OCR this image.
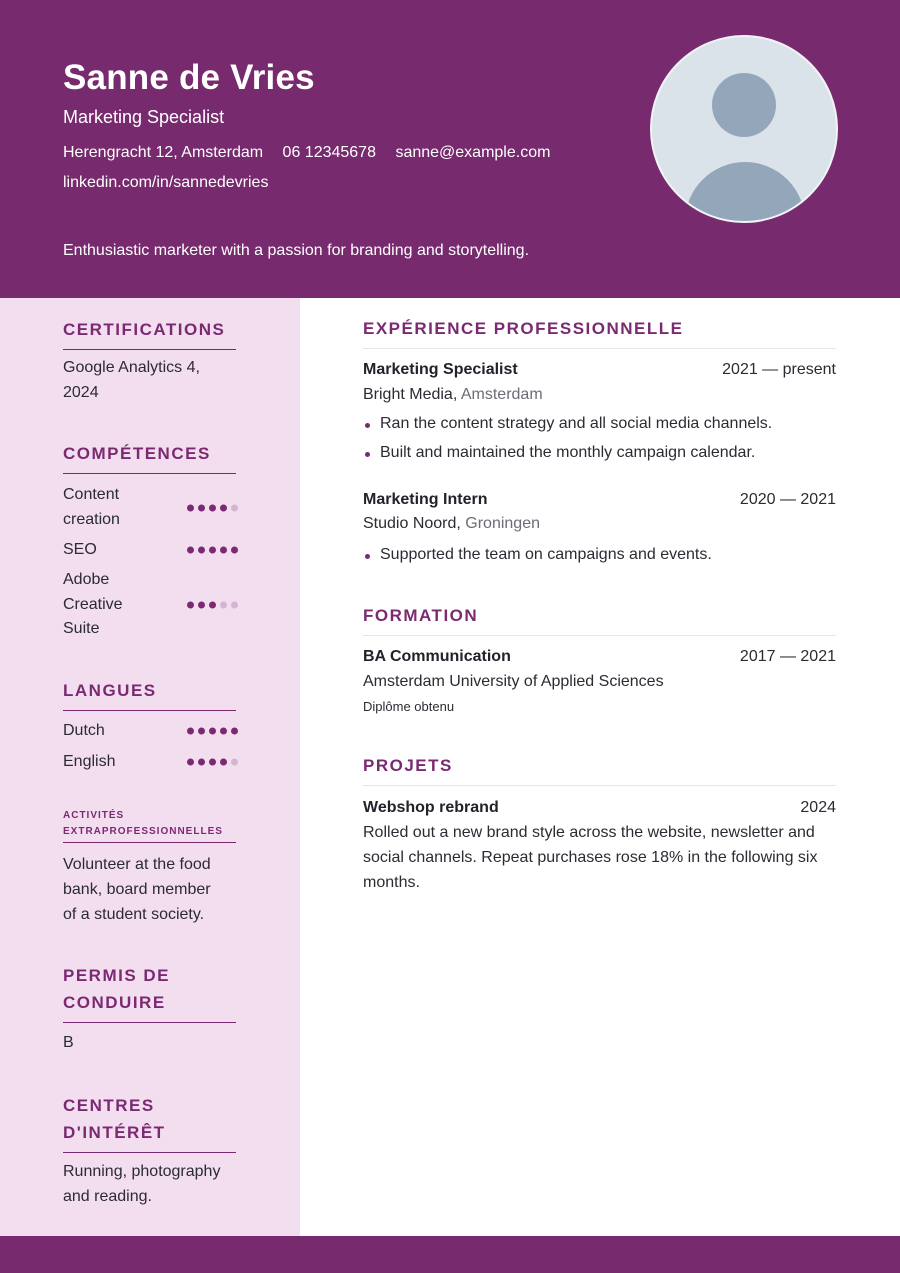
Sanne de Vries
Marketing Specialist
Herengracht 12, Amsterdam 06 12345678 sanne@example.com
linkedin.com/in/sannedevries
Enthusiastic marketer with a passion for branding and storytelling.
CERTIFICATIONS
Google Analytics 4, 2024
COMPÉTENCES
Content creation
SEO
Adobe Creative Suite
LANGUES
Dutch
English
ACTIVITÉS EXTRAPROFESSIONNELLES
Volunteer at the food bank, board member of a student society.
PERMIS DE CONDUIRE
B
CENTRES D'INTÉRÊT
Running, photography and reading.
EXPÉRIENCE PROFESSIONNELLE
Marketing Specialist	2021 — present
Bright Media, Amsterdam
Ran the content strategy and all social media channels.
Built and maintained the monthly campaign calendar.
Marketing Intern	2020 — 2021
Studio Noord, Groningen
Supported the team on campaigns and events.
FORMATION
BA Communication	2017 — 2021
Amsterdam University of Applied Sciences
Diplôme obtenu
PROJETS
Webshop rebrand	2024
Rolled out a new brand style across the website, newsletter and social channels. Repeat purchases rose 18% in the following six months.
